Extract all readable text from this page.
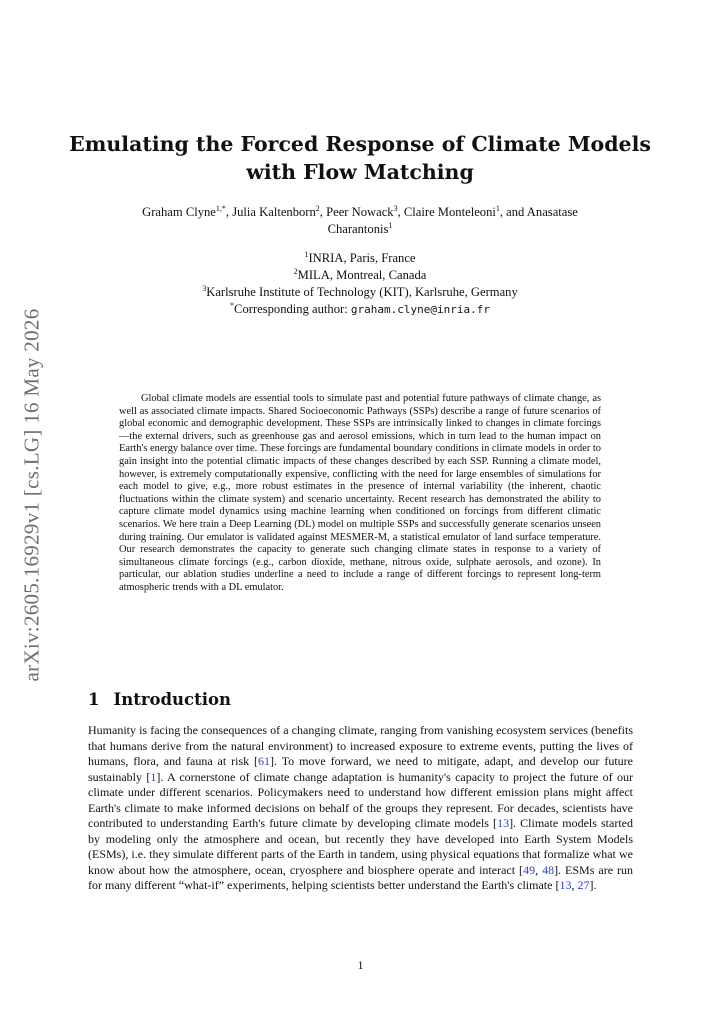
arXiv:2605.16929v1 [cs.LG] 16 May 2026
Emulating the Forced Response of Climate Models
with Flow Matching
Graham Clyne$^{1,*}$, Julia Kaltenborn$^2$, Peer Nowack$^3$, Claire Monteleoni$^1$, and Anasatase
Charantonis$^1$
$^1$INRIA, Paris, France
$^2$MILA, Montreal, Canada
$^3$Karlsruhe Institute of Technology (KIT), Karlsruhe, Germany
*Corresponding author: graham.clyne@inria.fr

Global climate models are essential tools to simulate past and potential future pathways of climate change, as well as associated climate impacts. Shared Socioeconomic Pathways (SSPs) describe a range of future scenarios of global economic and demographic development. These SSPs are intrinsically linked to changes in climate forcings—the external drivers, such as greenhouse gas and aerosol emissions, which in turn lead to the human impact on Earth's energy balance over time. These forcings are fundamental boundary conditions in climate models in order to gain insight into the potential climatic impacts of these changes described by each SSP. Running a climate model, however, is extremely computationally expensive, conflicting with the need for large ensembles of simulations for each model to give, e.g., more robust estimates in the presence of internal variability (the inherent, chaotic fluctuations within the climate system) and scenario uncertainty. Recent research has demonstrated the ability to capture climate model dynamics using machine learning when conditioned on forcings from different climatic scenarios. We here train a Deep Learning (DL) model on multiple SSPs and successfully generate scenarios unseen during training. Our emulator is validated against MESMER-M, a statistical emulator of land surface temperature. Our research demonstrates the capacity to generate such changing climate states in response to a variety of simultaneous climate forcings (e.g., carbon dioxide, methane, nitrous oxide, sulphate aerosols, and ozone). In particular, our ablation studies underline a need to include a range of different forcings to represent long-term atmospheric trends with a DL emulator.

1 Introduction

Humanity is facing the consequences of a changing climate, ranging from vanishing ecosystem services (benefits that humans derive from the natural environment) to increased exposure to extreme events, putting the lives of humans, flora, and fauna at risk [61]. To move forward, we need to mitigate, adapt, and develop our future sustainably [1]. A cornerstone of climate change adaptation is humanity's capacity to project the future of our climate under different scenarios. Policymakers need to understand how different emission plans might affect Earth's climate to make informed decisions on behalf of the groups they represent. For decades, scientists have contributed to understanding Earth's future climate by developing climate models [13]. Climate models started by modeling only the atmosphere and ocean, but recently they have developed into Earth System Models (ESMs), i.e. they simulate different parts of the Earth in tandem, using physical equations that formalize what we know about how the atmosphere, ocean, cryosphere and biosphere operate and interact [49, 48]. ESMs are run for many different “what-if” experiments, helping scientists better understand the Earth's climate [13, 27].

1
